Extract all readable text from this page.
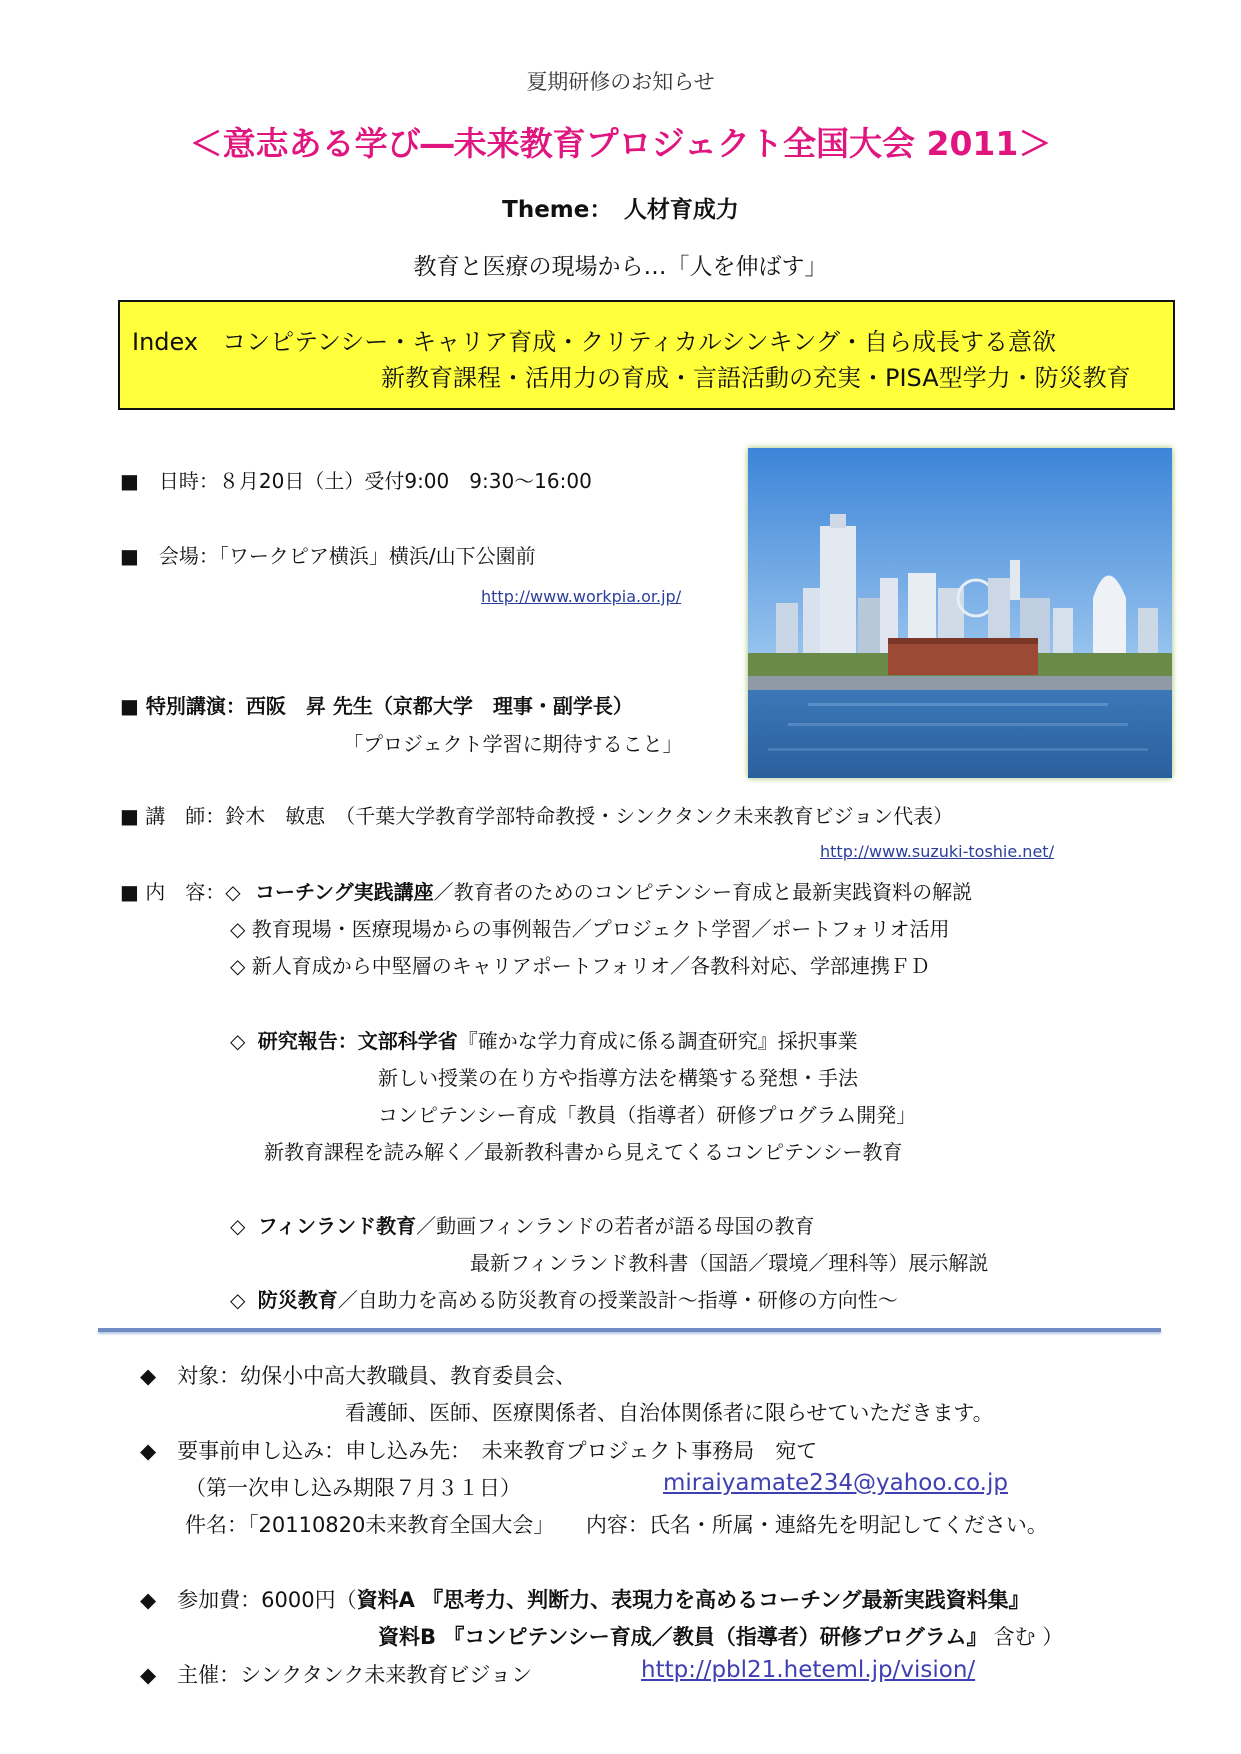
夏期研修のお知らせ
＜意志ある学び―未来教育プロジェクト全国大会 2011＞
Theme：　人材育成力
教育と医療の現場から…「人を伸ばす」
Index　コンピテンシー・キャリア育成・クリティカルシンキング・自ら成長する意欲
新教育課程・活用力の育成・言語活動の充実・PISA型学力・防災教育
■　日時：８月20日（土）受付9:00　9:30〜16:00
■　会場：「ワークピア横浜」横浜/山下公園前
http://www.workpia.or.jp/
■ 特別講演：西阪　昇 先生（京都大学　理事・副学長）
「プロジェクト学習に期待すること」
■ 講　師：鈴木　敏恵　（千葉大学教育学部特命教授・シンクタンク未来教育ビジョン代表）
http://www.suzuki-toshie.net/
■ 内　容：◇ コーチング実践講座／教育者のためのコンピテンシー育成と最新実践資料の解説
◇ 教育現場・医療現場からの事例報告／プロジェクト学習／ポートフォリオ活用
◇ 新人育成から中堅層のキャリアポートフォリオ／各教科対応、学部連携ＦＤ
◇ 研究報告：文部科学省『確かな学力育成に係る調査研究』採択事業
新しい授業の在り方や指導方法を構築する発想・手法
コンピテンシー育成「教員（指導者）研修プログラム開発」
新教育課程を読み解く／最新教科書から見えてくるコンピテンシー教育
◇ フィンランド教育／動画フィンランドの若者が語る母国の教育
最新フィンランド教科書（国語／環境／理科等）展示解説
◇ 防災教育／自助力を高める防災教育の授業設計〜指導・研修の方向性〜
◆　対象：幼保小中高大教職員、教育委員会、
看護師、医師、医療関係者、自治体関係者に限らせていただきます。
◆　要事前申し込み：申し込み先：　未来教育プロジェクト事務局　宛て
（第一次申し込み期限７月３１日）	miraiyamate234@yahoo.co.jp
件名：「20110820未来教育全国大会」　　内容：氏名・所属・連絡先を明記してください。
◆　参加費：6000円（資料A 『思考力、判断力、表現力を高めるコーチング最新実践資料集』
資料B 『コンピテンシー育成／教員（指導者）研修プログラム』 含む ）
◆　主催：シンクタンク未来教育ビジョン	http://pbl21.heteml.jp/vision/
